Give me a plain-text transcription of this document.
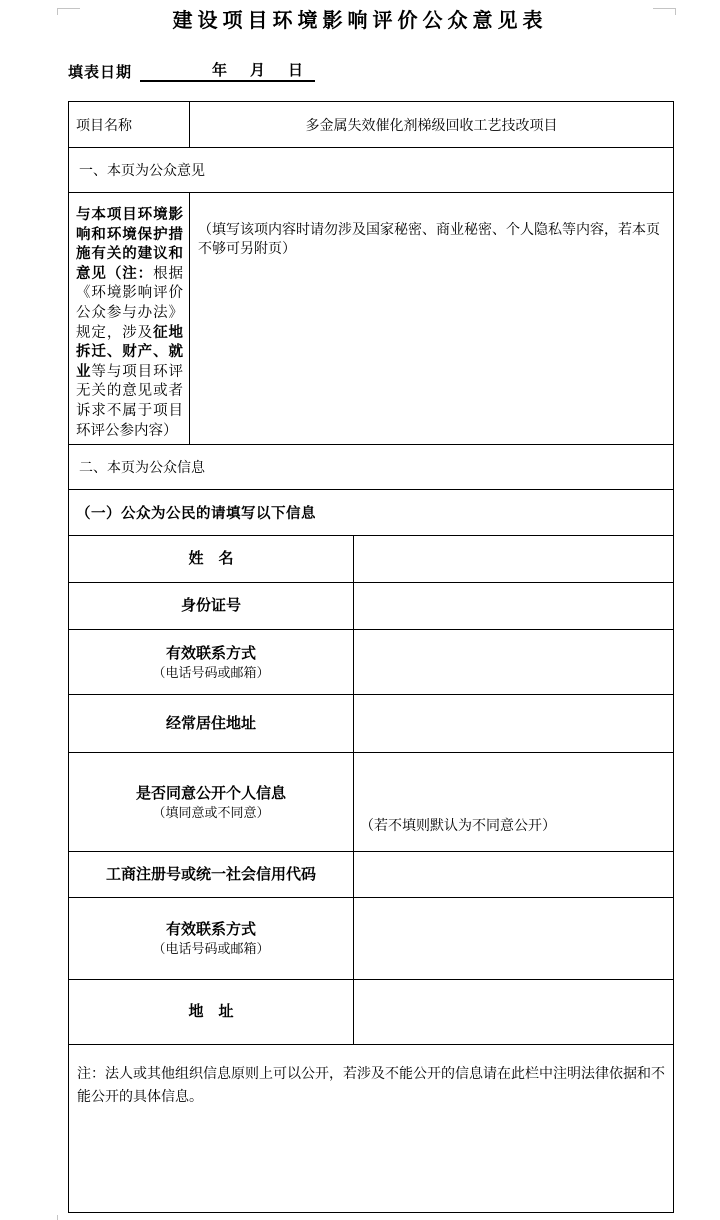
建设项目环境影响评价公众意见表
填表日期	年　月　日
项目名称	多金属失效催化剂梯级回收工艺技改项目
一、本页为公众意见
与本项目环境影响和环境保护措施有关的建议和意见（注：根据《环境影响评价公众参与办法》规定，涉及征地拆迁、财产、就业等与项目环评无关的意见或者诉求不属于项目环评公参内容）
（填写该项内容时请勿涉及国家秘密、商业秘密、个人隐私等内容，若本页不够可另附页）
二、本页为公众信息
（一）公众为公民的请填写以下信息
姓　名
身份证号
有效联系方式
（电话号码或邮箱）
经常居住地址
是否同意公开个人信息
（填同意或不同意）
（若不填则默认为不同意公开）
工商注册号或统一社会信用代码
有效联系方式
（电话号码或邮箱）
地　址
注：法人或其他组织信息原则上可以公开，若涉及不能公开的信息请在此栏中注明法律依据和不能公开的具体信息。
